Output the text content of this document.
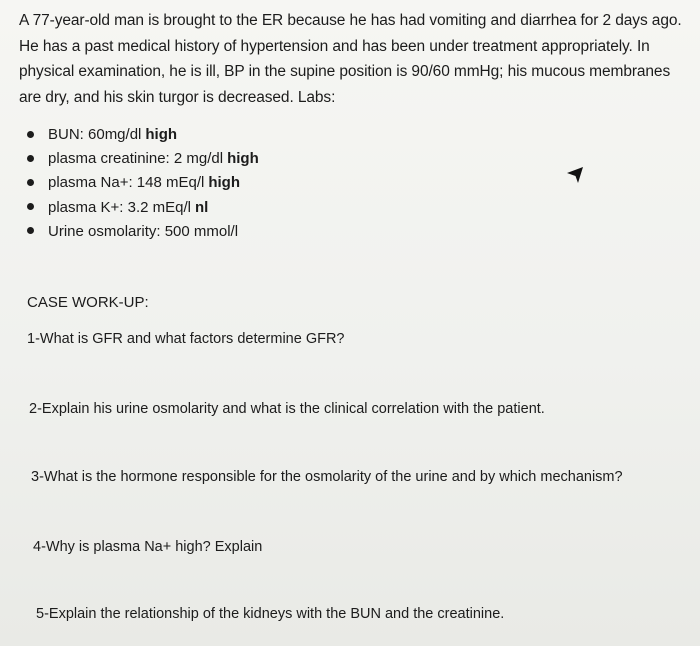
A 77-year-old man is brought to the ER because he has had vomiting and diarrhea for 2 days ago. He has a past medical history of hypertension and has been under treatment appropriately. In physical examination, he is ill, BP in the supine position is 90/60 mmHg; his mucous membranes are dry, and his skin turgor is decreased. Labs:

BUN: 60mg/dl high
plasma creatinine: 2 mg/dl high
plasma Na+: 148 mEq/l high
plasma K+: 3.2 mEq/l nl
Urine osmolarity: 500 mmol/l
CASE WORK-UP:

1-What is GFR and what factors determine GFR?

2-Explain his urine osmolarity and what is the clinical correlation with the patient.

3-What is the hormone responsible for the osmolarity of the urine and by which mechanism?

4-Why is plasma Na+ high? Explain

5-Explain the relationship of the kidneys with the BUN and the creatinine.
